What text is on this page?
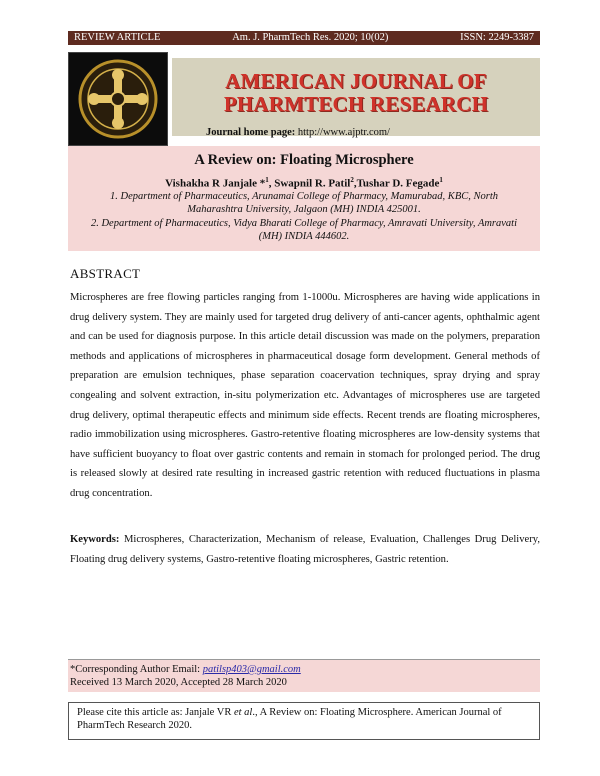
REVIEW ARTICLE	Am. J. PharmTech Res. 2020; 10(02)	ISSN: 2249-3387
AMERICAN JOURNAL OF
PHARMTECH RESEARCH
Journal home page: http://www.ajptr.com/
A Review on: Floating Microsphere
Vishakha R Janjale *$^1$, Swapnil R. Patil$^2$,Tushar D. Fegade$^1$
1. Department of Pharmaceutics, Arunamai College of Pharmacy, Mamurabad, KBC, North Maharashtra University, Jalgaon (MH) INDIA 425001.
2. Department of Pharmaceutics, Vidya Bharati College of Pharmacy, Amravati University, Amravati (MH) INDIA 444602.
ABSTRACT
Microspheres are free flowing particles ranging from 1-1000u. Microspheres are having wide applications in drug delivery system. They are mainly used for targeted drug delivery of anti-cancer agents, ophthalmic agent and can be used for diagnosis purpose. In this article detail discussion was made on the polymers, preparation methods and applications of microspheres in pharmaceutical dosage form development. General methods of preparation are emulsion techniques, phase separation coacervation techniques, spray drying and spray congealing and solvent extraction, in-situ polymerization etc. Advantages of microspheres use are targeted drug delivery, optimal therapeutic effects and minimum side effects. Recent trends are floating microspheres, radio immobilization using microspheres. Gastro-retentive floating microspheres are low-density systems that have sufficient buoyancy to float over gastric contents and remain in stomach for prolonged period. The drug is released slowly at desired rate resulting in increased gastric retention with reduced fluctuations in plasma drug concentration.
Keywords: Microspheres, Characterization, Mechanism of release, Evaluation, Challenges Drug Delivery, Floating drug delivery systems, Gastro-retentive floating microspheres, Gastric retention.
*Corresponding Author Email: patilsp403@gmail.com
Received 13 March 2020, Accepted 28 March 2020
Please cite this article as: Janjale VR et al., A Review on: Floating Microsphere. American Journal of PharmTech Research 2020.
